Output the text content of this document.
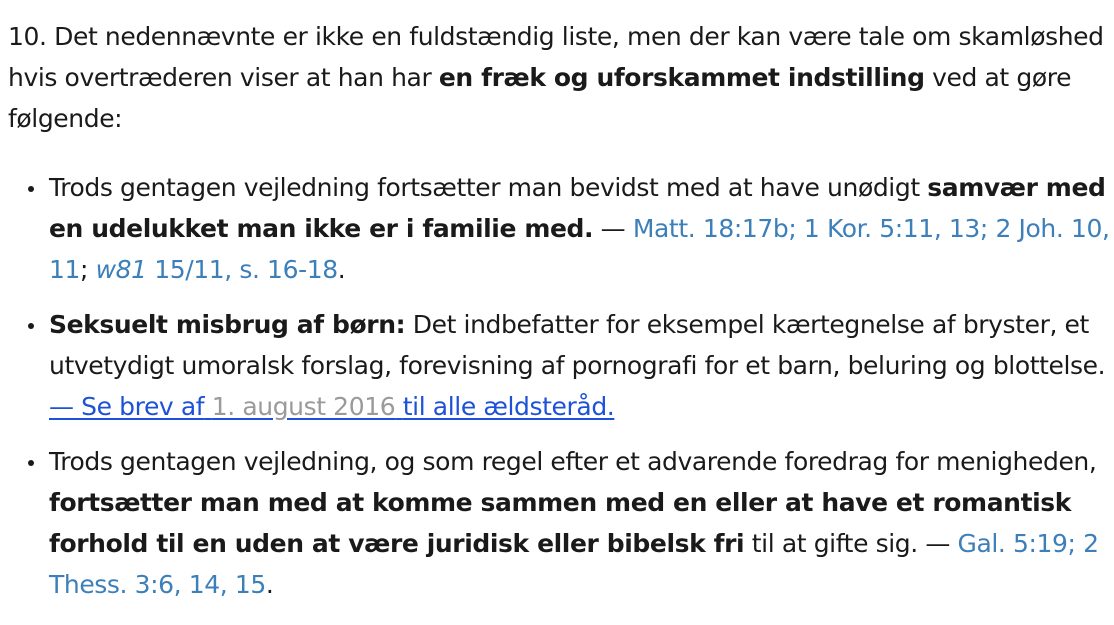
10. Det nedennævnte er ikke en fuldstændig liste, men der kan være tale om skamløshed hvis overtræderen viser at han har en fræk og uforskammet indstilling ved at gøre følgende:

Trods gentagen vejledning fortsætter man bevidst med at have unødigt samvær med en udelukket man ikke er i familie med. — Matt. 18:17b; 1 Kor. 5:11, 13; 2 Joh. 10, 11; w81 15/11, s. 16-18.
Seksuelt misbrug af børn: Det indbefatter for eksempel kærtegnelse af bryster, et utvetydigt umoralsk forslag, forevisning af pornografi for et barn, beluring og blottelse. — Se brev af 1. august 2016 til alle ældsteråd.
Trods gentagen vejledning, og som regel efter et advarende foredrag for menigheden, fortsætter man med at komme sammen med en eller at have et romantisk forhold til en uden at være juridisk eller bibelsk fri til at gifte sig. — Gal. 5:19; 2 Thess. 3:6, 14, 15.
